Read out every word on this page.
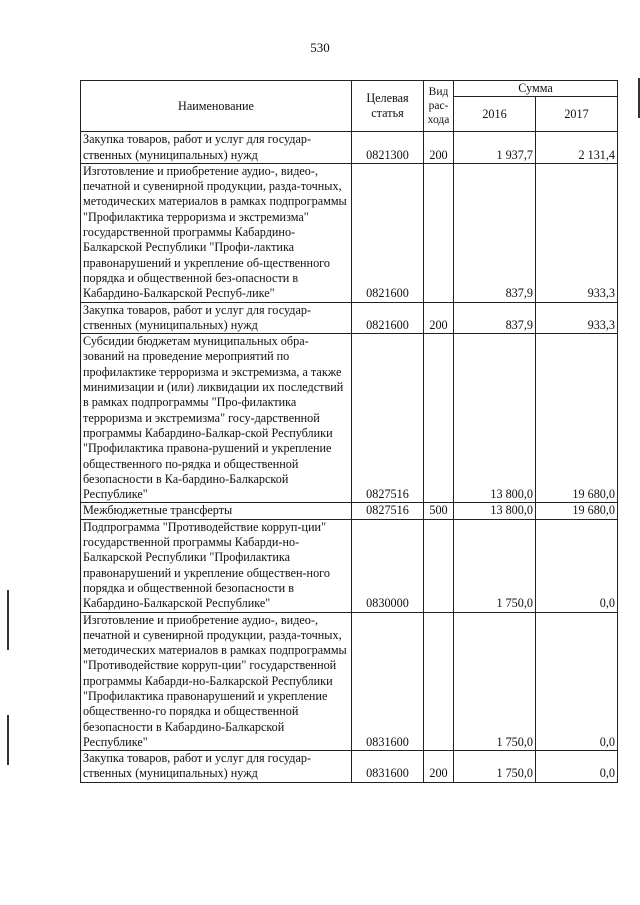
530
Наименование	Целевая статья	Вид рас-хода	Сумма	
			2016	2017
Закупка товаров, работ и услуг для государ-ственных (муниципальных) нужд	0821300	200	1 937,7	2 131,4
Изготовление и приобретение аудио-, видео-, печатной и сувенирной продукции, разда-точных, методических материалов в рамках подпрограммы "Профилактика терроризма и экстремизма" государственной программы Кабардино-Балкарской Республики "Профи-лактика правонарушений и укрепление об-щественного порядка и общественной без-опасности в Кабардино-Балкарской Респуб-лике"	0821600		837,9	933,3
Закупка товаров, работ и услуг для государ-ственных (муниципальных) нужд	0821600	200	837,9	933,3
Субсидии бюджетам муниципальных обра-зований на проведение мероприятий по профилактике терроризма и экстремизма, а также минимизации и (или) ликвидации их последствий в рамках подпрограммы "Про-филактика терроризма и экстремизма" госу-дарственной программы Кабардино-Балкар-ской Республики "Профилактика правона-рушений и укрепление общественного по-рядка и общественной безопасности в Ка-бардино-Балкарской Республике"	0827516		13 800,0	19 680,0
Межбюджетные трансферты	0827516	500	13 800,0	19 680,0
Подпрограмма "Противодействие корруп-ции" государственной программы Кабарди-но-Балкарской Республики "Профилактика правонарушений и укрепление обществен-ного порядка и общественной безопасности в Кабардино-Балкарской Республике"	0830000		1 750,0	0,0
Изготовление и приобретение аудио-, видео-, печатной и сувенирной продукции, разда-точных, методических материалов в рамках подпрограммы "Противодействие корруп-ции" государственной программы Кабарди-но-Балкарской Республики "Профилактика правонарушений и укрепление общественно-го порядка и общественной безопасности в Кабардино-Балкарской Республике"	0831600		1 750,0	0,0
Закупка товаров, работ и услуг для государ-ственных (муниципальных) нужд	0831600	200	1 750,0	0,0
